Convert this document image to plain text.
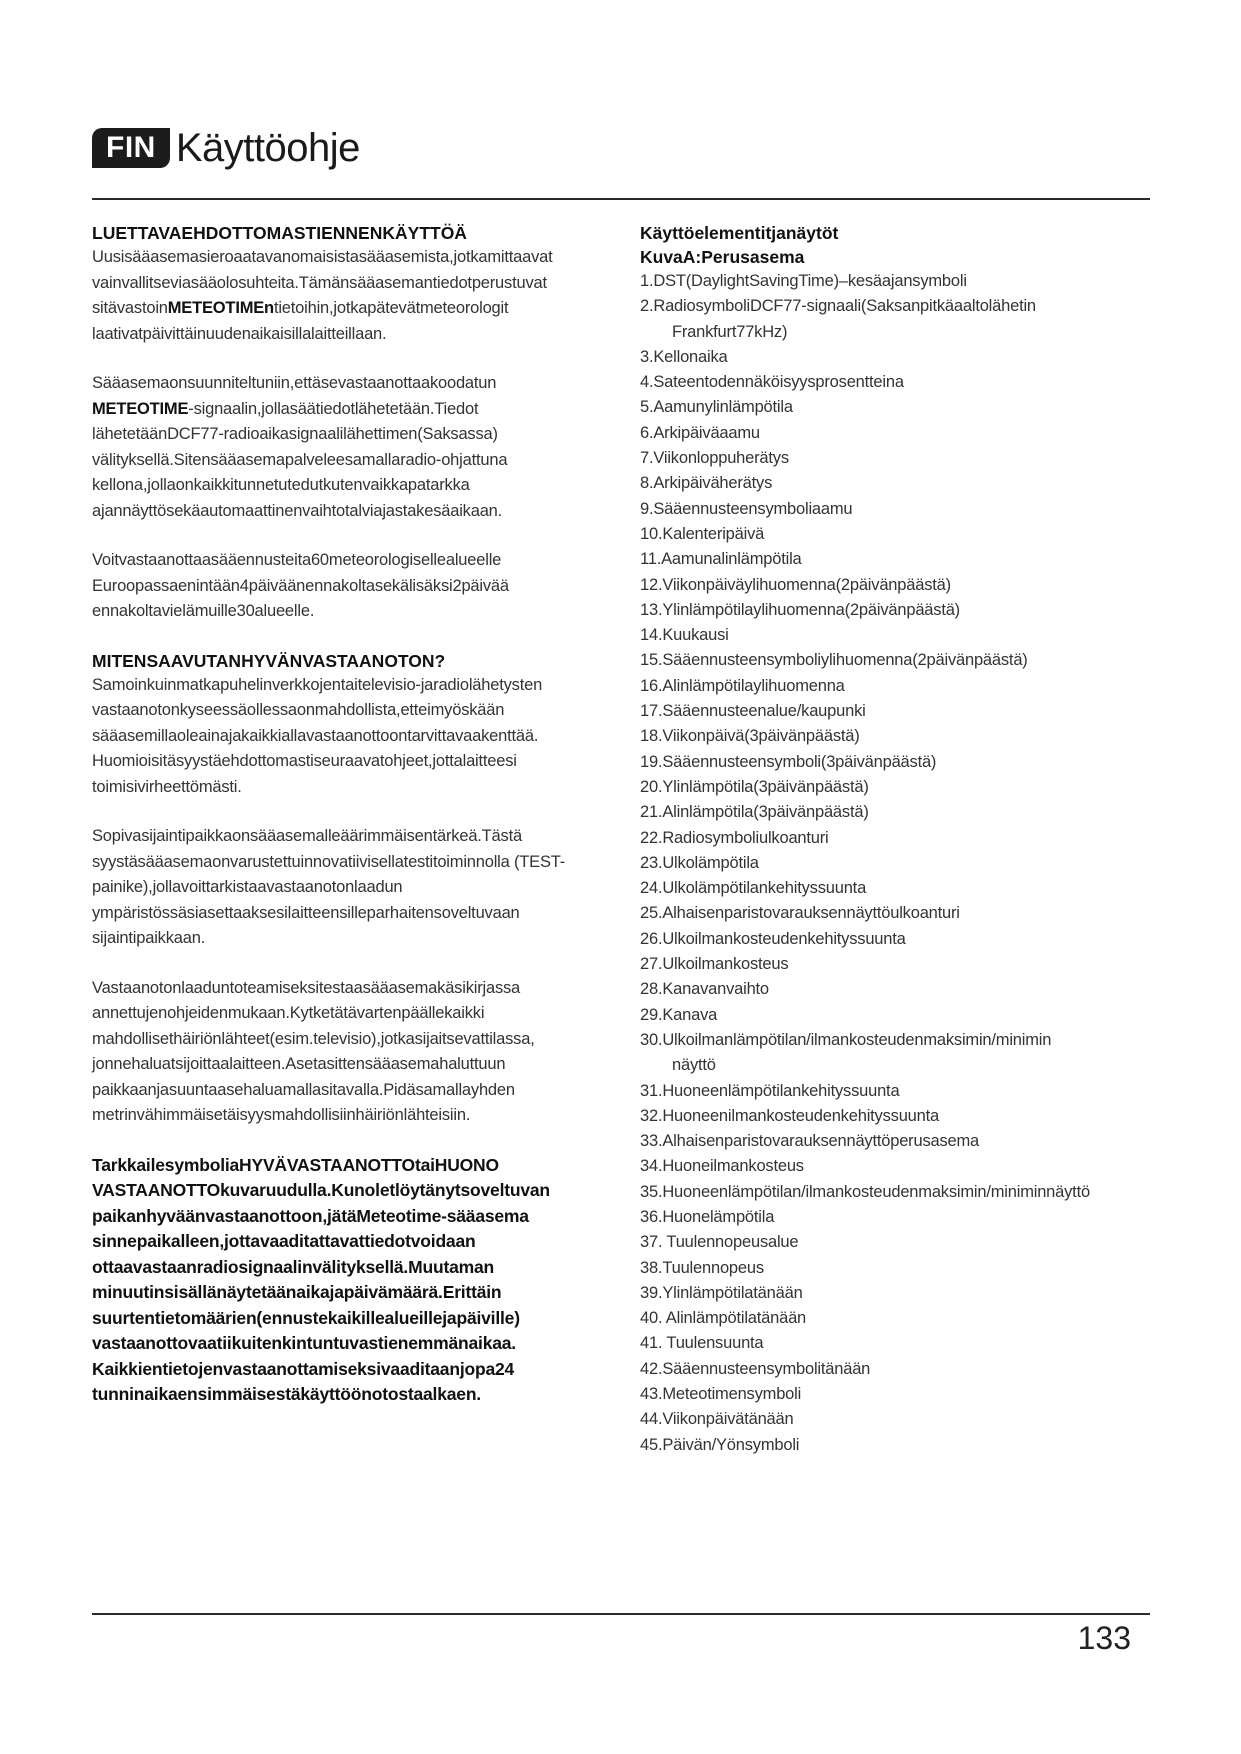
FIN Käyttöohje

LUETTAVAEHDOTTOMASTIENNENKÄYTTÖÄ

Uusisääasemasieroaatavanomaisistasääasemista,jotkamittaavat vainvallitseviasääolosuhteita.Tämänsääasemantiedotperustuvat sitävastoinMETEOTIMEntietoihin,jotkapätevätmeteorologit laativatpäivittäinuudenaikaisillalaitteillaan.

Sääasemaonsuunniteltuniin,ettäsevastaanottaakoodatun METEOTIME-signaalin,jollasäätiedotlähetetään.Tiedot lähetetäänDCF77-radioaikasignaalilähettimen(Saksassa) välityksellä.Sitensääasemapalveleesamallaradio-ohjattuna kellona,jollaonkaikkitunnetutedutkutenvaikkapatarkka ajannäyttösekäautomaattinenvaihtotalviajastakesäaikaan.

Voitvastaanottaasääennusteita60meteorologisellealueelle Euroopassaenintään4päiväänennakoltasekälisäksi2päivää ennakoltavielämuille30alueelle.

MITENSAAVUTANHYVÄNVASTAANOTON?

Samoinkuinmatkapuhelinverkkojentaitelevisio-jaradiolähetysten vastaanotonkyseessäollessaonmahdollista,etteimyöskään sääasemillaoleainajakaikkiallavastaanottoontarvittavaakenttää. Huomioisitäsyystäehdottomastiseuraavatohjeet,jottalaitteesi toimisivirheettömästi.

Sopivasijaintipaikkaonsääasemalleäärimmäisentärkeä.Tästä syystäsääasemaonvarustettuinnovatiivisellatestitoiminnolla (TEST-painike),jollavoittarkistaavastaanotonlaadun ympäristössäsiasettaaksesilaitteensilleparhaitensoveltuvaan sijaintipaikkaan.

Vastaanotonlaaduntoteamiseksitestaasääasemakäsikirjassa annettujenohjeidenmukaan.Kytketätävartenpäällekaikki mahdollisethäiriönlähteet(esim.televisio),jotkasijaitsevattilassa, jonnehaluatsijoittaalaitteen.Asetasittensääasemahaluttuun paikkaanjasuuntaasehaluamallasitavalla.Pidäsamallayhden metrinvähimmäisetäisyysmahdollisiinhäiriönlähteisiin.

TarkkailesymboliaHYVÄVASTAANOTTOtaiHUONO VASTAANOTTOkuvaruudulla.Kunoletlöytänytsoveltuvan paikanhyväänvastaanottoon,jätäMeteotime-sääasema sinnepaikalleen,jottavaaditattavattiedotvoidaan ottaavastaanradiosignaalinvälityksellä.Muutaman minuutinsisällänäytetäänaikajapäivämäärä.Erittäin suurtentietomäärien(ennustekaikillealueillejapäiville) vastaanottovaatiikuitenkintuntuvastienemmänaikaa. Kaikkientietojenvastaanottamiseksivaaditaanjopa24 tunninaikaensimmäisestäkäyttöönotostaalkaen.

Käyttöelementitjanäytöt

KuvaA:Perusasema

1.DST(DaylightSavingTime)–kesäajansymboli
2.RadiosymboliDCF77-signaali(Saksanpitkäaaltolähetin
Frankfurt77kHz)
3.Kellonaika
4.Sateentodennäköisyysprosentteina
5.Aamunylinlämpötila
6.Arkipäiväaamu
7.Viikonloppuherätys
8.Arkipäiväherätys
9.Sääennusteensymboliaamu
10.Kalenteripäivä
11.Aamunalinlämpötila
12.Viikonpäiväylihuomenna(2päivänpäästä)
13.Ylinlämpötilaylihuomenna(2päivänpäästä)
14.Kuukausi
15.Sääennusteensymboliylihuomenna(2päivänpäästä)
16.Alinlämpötilaylihuomenna
17.Sääennusteenalue/kaupunki
18.Viikonpäivä(3päivänpäästä)
19.Sääennusteensymboli(3päivänpäästä)
20.Ylinlämpötila(3päivänpäästä)
21.Alinlämpötila(3päivänpäästä)
22.Radiosymboliulkoanturi
23.Ulkolämpötila
24.Ulkolämpötilankehityssuunta
25.Alhaisenparistovarauksennäyttöulkoanturi
26.Ulkoilmankosteudenkehityssuunta
27.Ulkoilmankosteus
28.Kanavanvaihto
29.Kanava
30.Ulkoilmanlämpötilan/ilmankosteudenmaksimin/minimin
näyttö
31.Huoneenlämpötilankehityssuunta
32.Huoneenilmankosteudenkehityssuunta
33.Alhaisenparistovarauksennäyttöperusasema
34.Huoneilmankosteus
35.Huoneenlämpötilan/ilmankosteudenmaksimin/miniminnäyttö
36.Huonelämpötila
37. Tuulennopeusalue
38.Tuulennopeus
39.Ylinlämpötilatänään
40. Alinlämpötilatänään
41. Tuulensuunta
42.Sääennusteensymbolitänään
43.Meteotimensymboli
44.Viikonpäivätänään
45.Päivän/Yönsymboli
133
